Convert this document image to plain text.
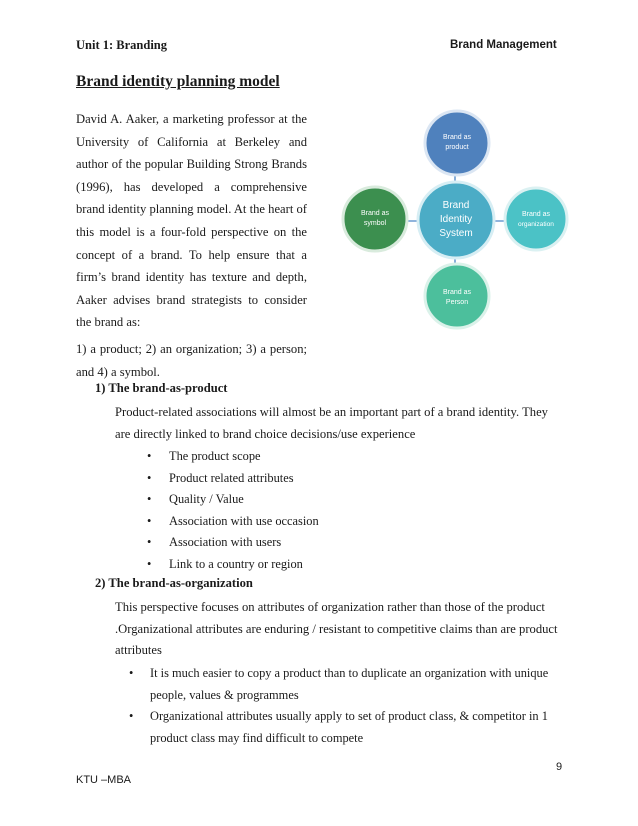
Unit 1: Branding	Brand Management
Brand identity planning model

David A. Aaker, a marketing professor at the University of California at Berkeley and author of the popular Building Strong Brands (1996), has developed a comprehensive brand identity planning model. At the heart of this model is a four-fold perspective on the concept of a brand. To help ensure that a firm’s brand identity has texture and depth, Aaker advises brand strategists to consider the brand as:

1) a product; 2) an organization; 3) a person; and 4) a symbol.

Brand as
product
Brand as
symbol
Brand as
organization
Brand as
Person
Brand
Identity
System
1) The brand-as-product
Product-related associations will almost be an important part of a brand identity. They
are directly linked to brand choice decisions/use experience
• The product scope
• Product related attributes
• Quality / Value
• Association with use occasion
• Association with users
• Link to a country or region
2) The brand-as-organization
This perspective focuses on attributes of organization rather than those of the product
.Organizational attributes are enduring / resistant to competitive claims than are product
attributes
• It is much easier to copy a product than to duplicate an organization with unique
people, values & programmes
• Organizational attributes usually apply to set of product class, & competitor in 1
product class may find difficult to compete
9
KTU –MBA
